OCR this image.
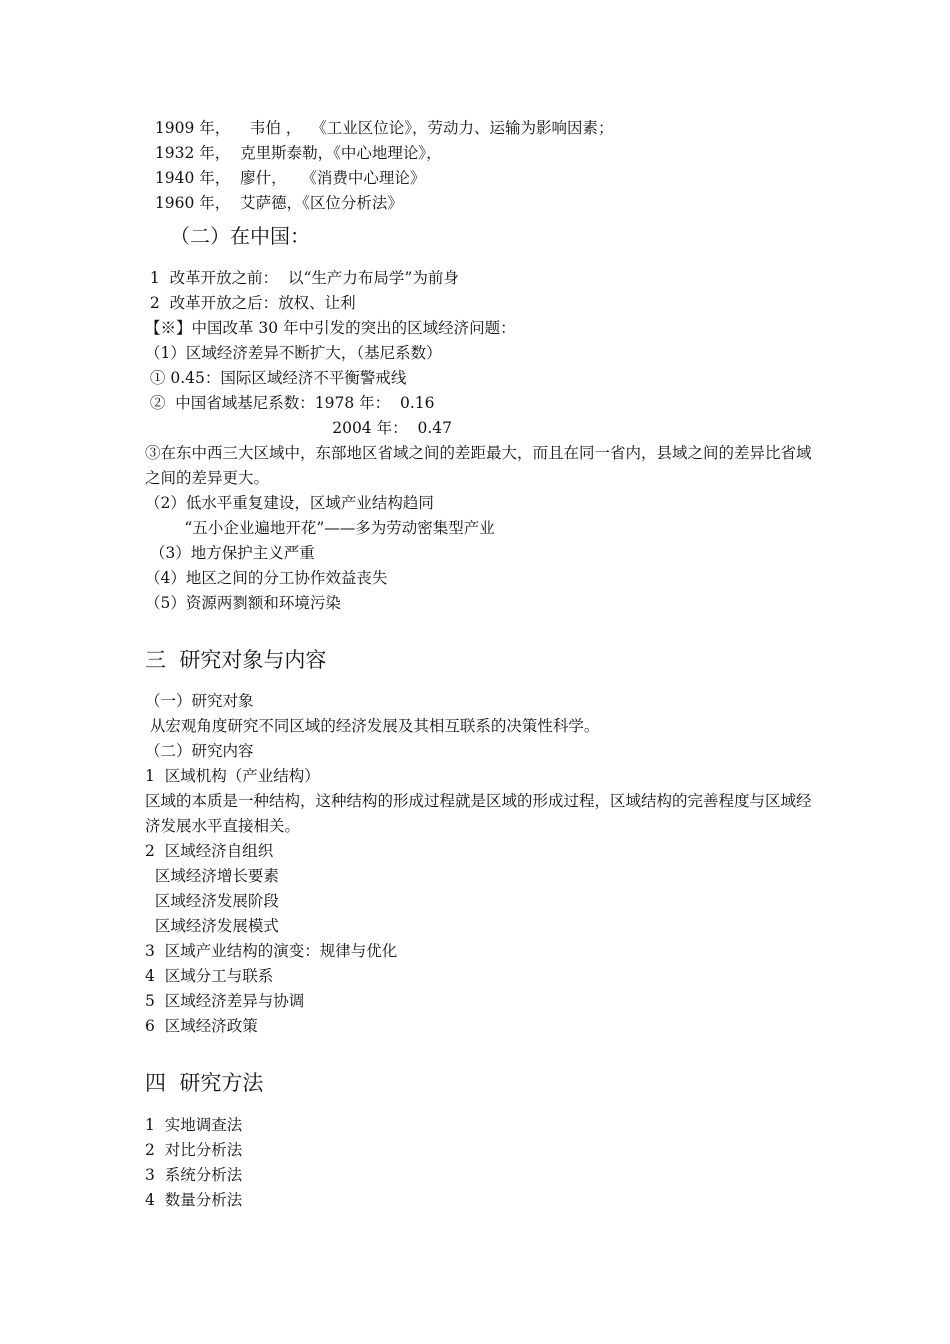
1909 年，    韦伯 ，  《工业区位论》，劳动力、运输为影响因素；
1932 年，  克里斯泰勒，《中心地理论》，
1940 年，  廖什，   《消费中心理论》
1960 年，  艾萨德，《区位分析法》
（二）在中国：
1  改革开放之前：  以“生产力布局学”为前身
2  改革开放之后：放权、让利
【※】中国改革 30 年中引发的突出的区域经济问题：
（1）区域经济差异不断扩大，（基尼系数）
① 0.45：国际区域经济不平衡警戒线
②  中国省域基尼系数：1978 年：  0.16
2004 年：  0.47
③在东中西三大区域中，东部地区省域之间的差距最大，而且在同一省内，县域之间的差异比省域之间的差异更大。
（2）低水平重复建设，区域产业结构趋同
“五小企业遍地开花”——多为劳动密集型产业
（3）地方保护主义严重
（4）地区之间的分工协作效益丧失
（5）资源两剹额和环境污染
三  研究对象与内容
（一）研究对象
从宏观角度研究不同区域的经济发展及其相互联系的决策性科学。
（二）研究内容
1  区域机构（产业结构）
区域的本质是一种结构，这种结构的形成过程就是区域的形成过程，区域结构的完善程度与区域经济发展水平直接相关。
2  区域经济自组织
区域经济增长要素
区域经济发展阶段
区域经济发展模式
3  区域产业结构的演变：规律与优化
4  区域分工与联系
5  区域经济差异与协调
6  区域经济政策
四  研究方法
1  实地调查法
2  对比分析法
3  系统分析法
4  数量分析法
